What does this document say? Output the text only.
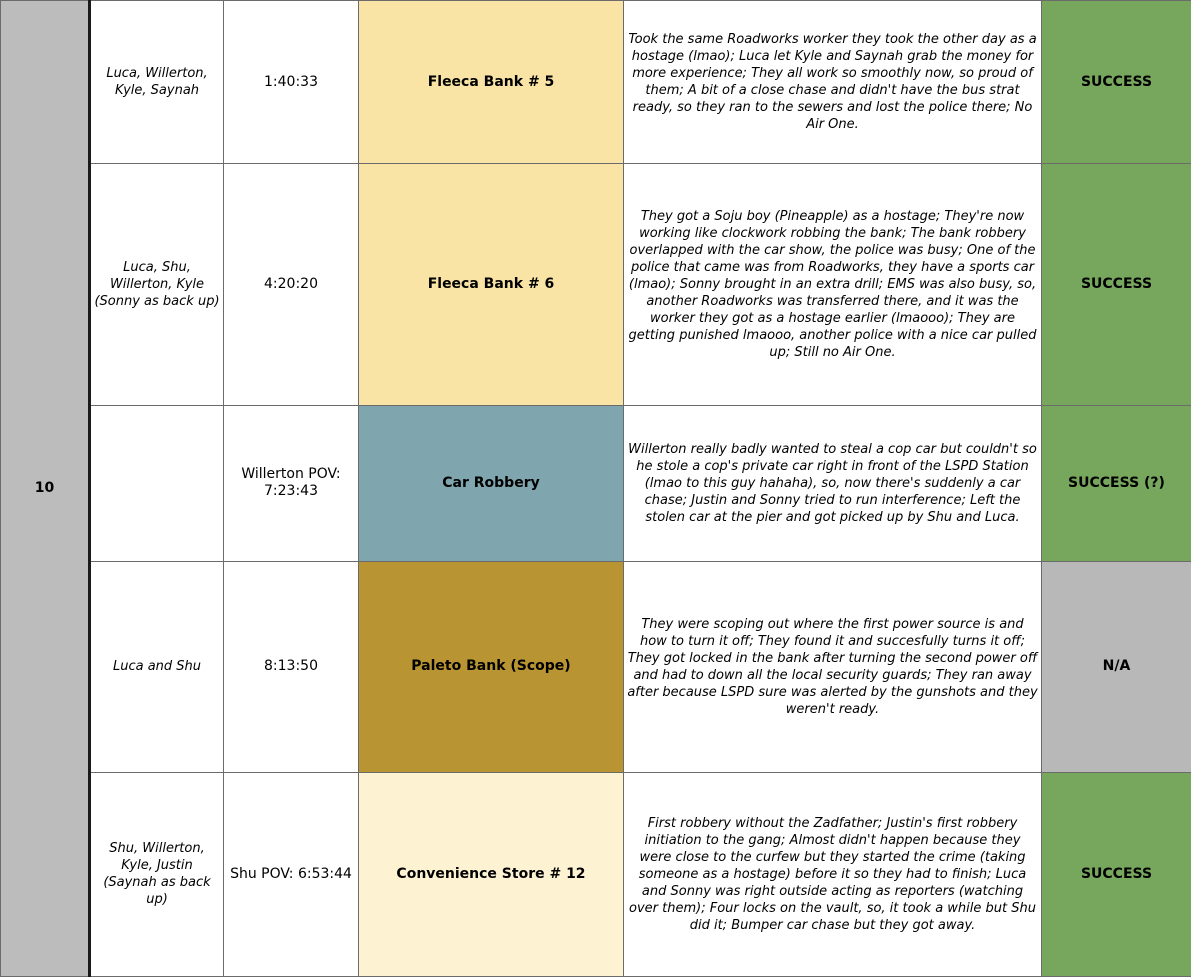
10	Luca, Willerton, Kyle, Saynah	1:40:33	Fleeca Bank # 5	Took the same Roadworks worker they took the other day as a hostage (lmao); Luca let Kyle and Saynah grab the money for more experience; They all work so smoothly now, so proud of them; A bit of a close chase and didn't have the bus strat ready, so they ran to the sewers and lost the police there; No Air One.	SUCCESS
	Luca, Shu, Willerton, Kyle (Sonny as back up)	4:20:20	Fleeca Bank # 6	They got a Soju boy (Pineapple) as a hostage; They're now working like clockwork robbing the bank; The bank robbery overlapped with the car show, the police was busy; One of the police that came was from Roadworks, they have a sports car (lmao); Sonny brought in an extra drill; EMS was also busy, so, another Roadworks was transferred there, and it was the worker they got as a hostage earlier (lmaooo); They are getting punished lmaooo, another police with a nice car pulled up; Still no Air One.	SUCCESS
		Willerton POV: 7:23:43	Car Robbery	Willerton really badly wanted to steal a cop car but couldn't so he stole a cop's private car right in front of the LSPD Station (lmao to this guy hahaha), so, now there's suddenly a car chase; Justin and Sonny tried to run interference; Left the stolen car at the pier and got picked up by Shu and Luca.	SUCCESS (?)
	Luca and Shu	8:13:50	Paleto Bank (Scope)	They were scoping out where the first power source is and how to turn it off; They found it and succesfully turns it off; They got locked in the bank after turning the second power off and had to down all the local security guards; They ran away after because LSPD sure was alerted by the gunshots and they weren't ready.	N/A
	Shu, Willerton, Kyle, Justin (Saynah as back up)	Shu POV: 6:53:44	Convenience Store # 12	First robbery without the Zadfather; Justin's first robbery initiation to the gang; Almost didn't happen because they were close to the curfew but they started the crime (taking someone as a hostage) before it so they had to finish; Luca and Sonny was right outside acting as reporters (watching over them); Four locks on the vault, so, it took a while but Shu did it; Bumper car chase but they got away.	SUCCESS
